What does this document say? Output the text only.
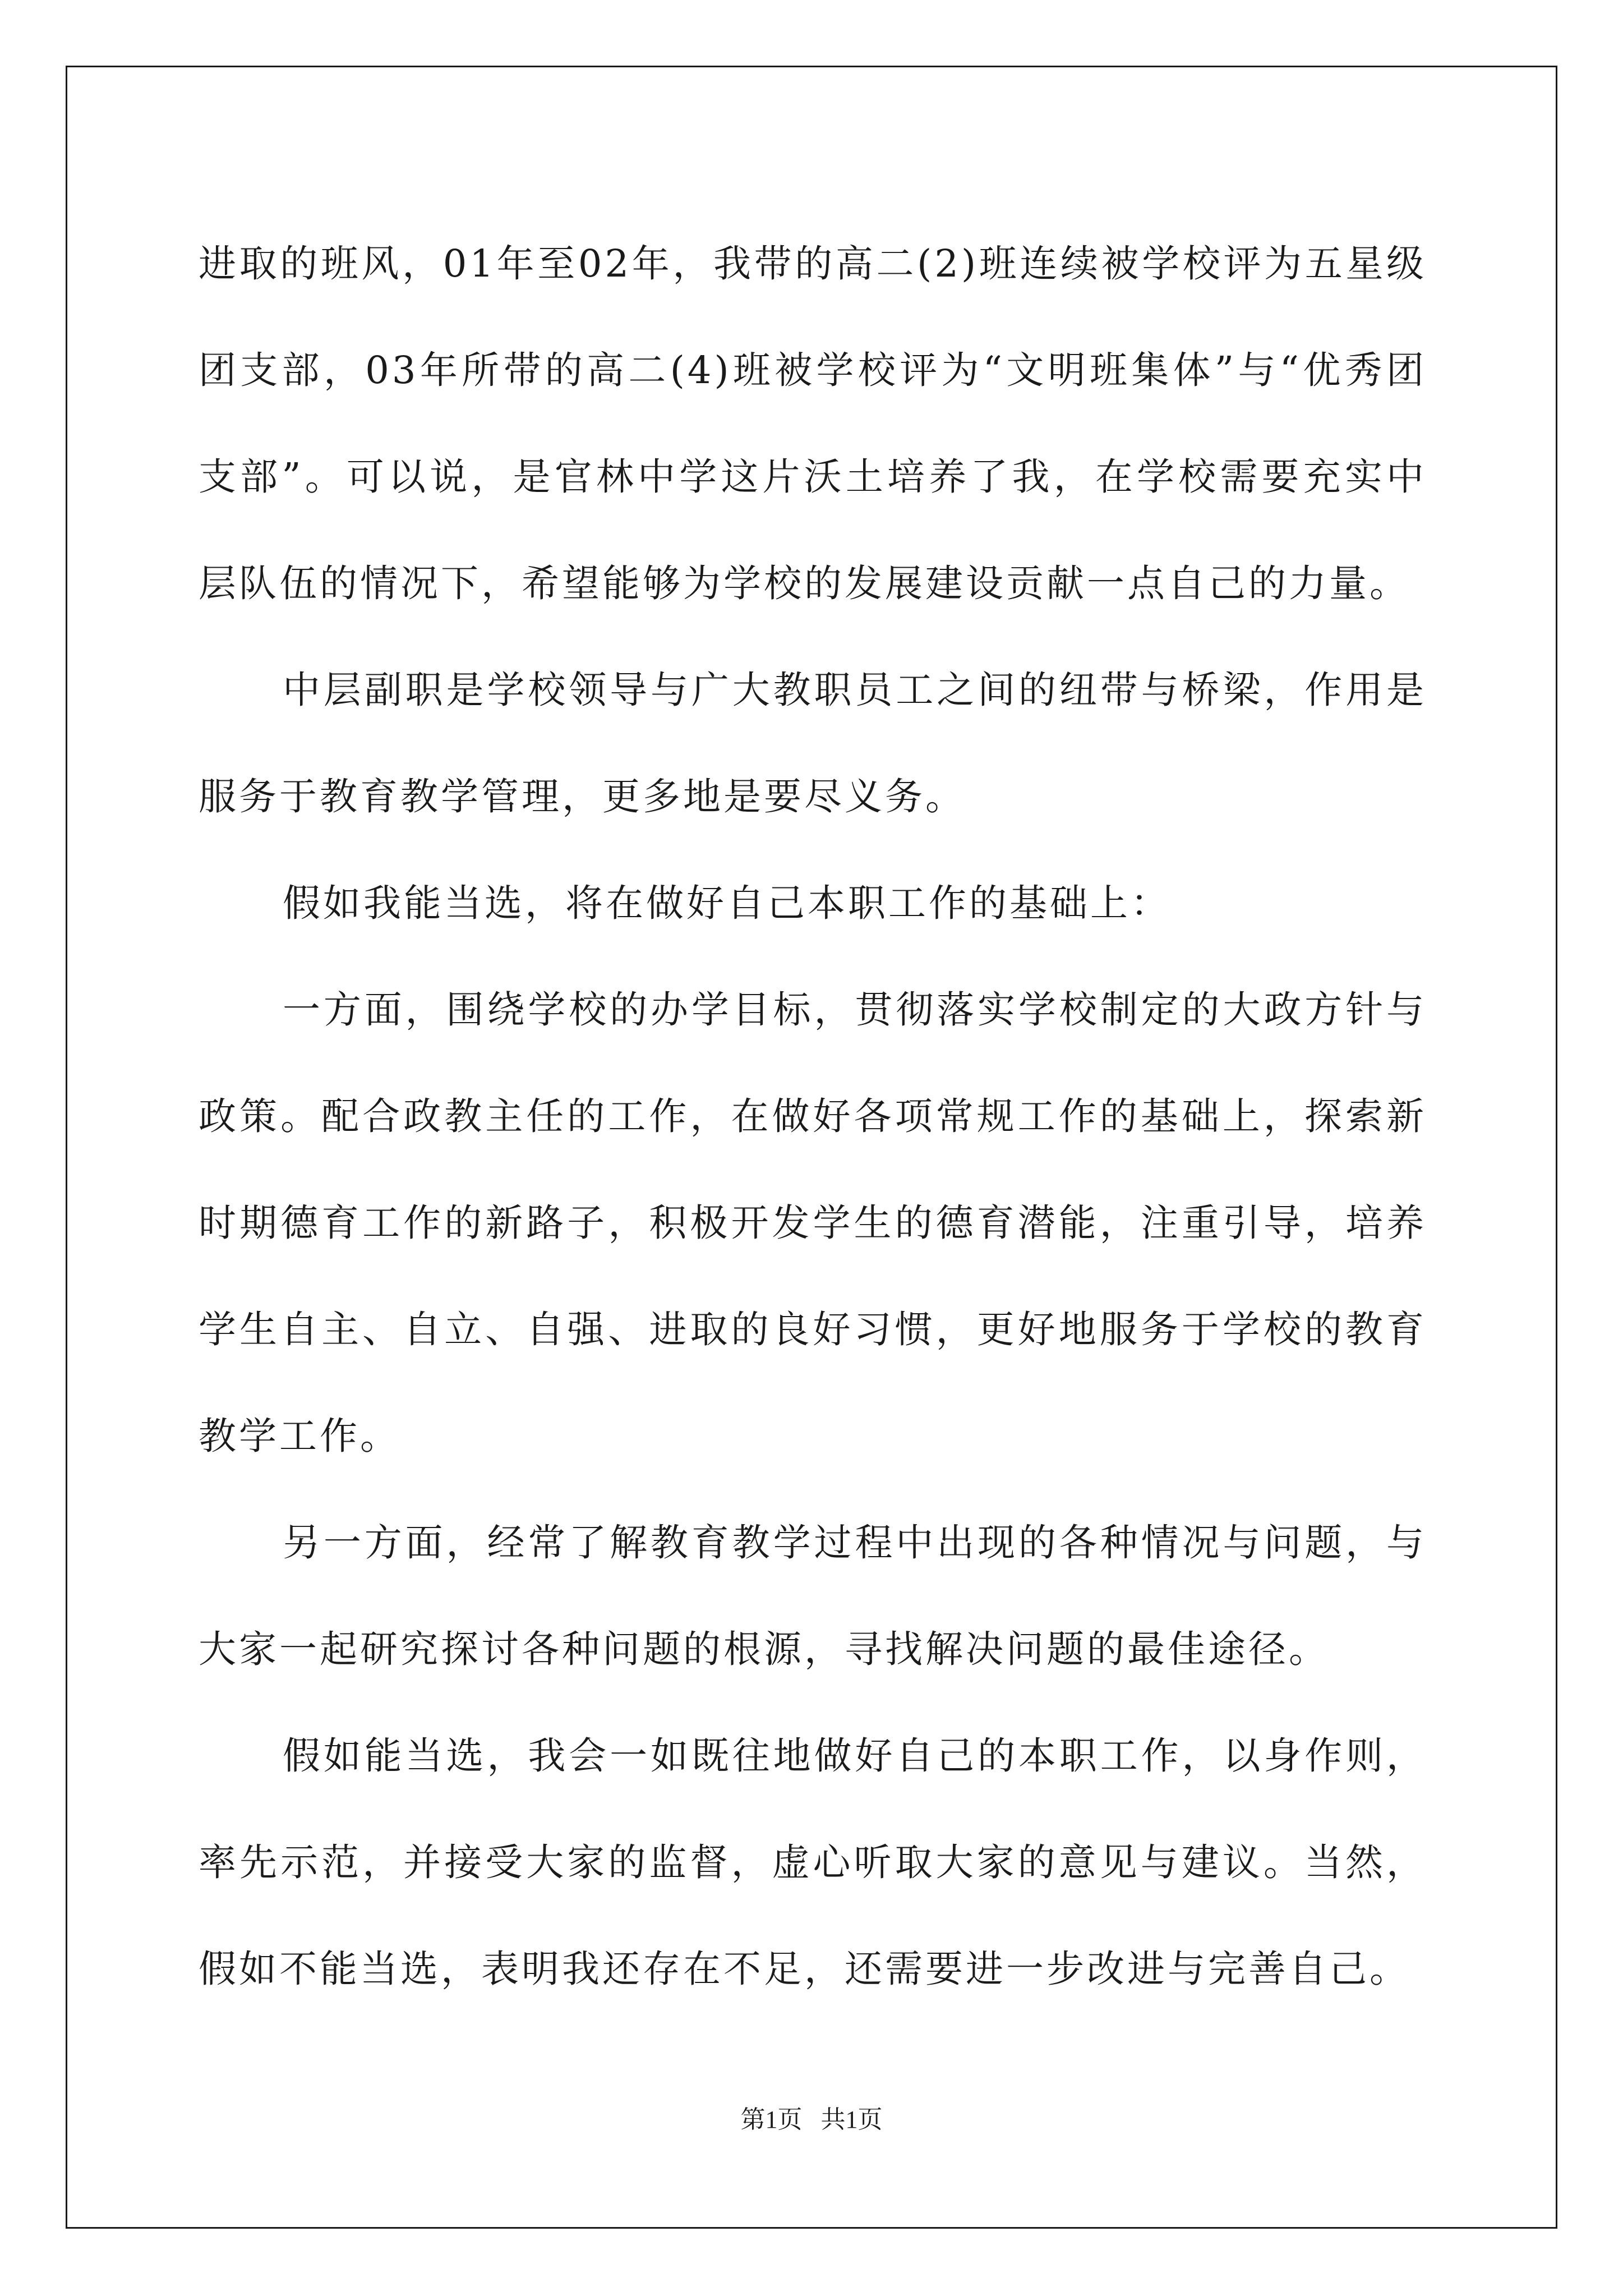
进取的班风，01年至02年，我带的高二(2)班连续被学校评为五星级团支部，03年所带的高二(4)班被学校评为“文明班集体”与“优秀团支部”。可以说，是官林中学这片沃土培养了我，在学校需要充实中层队伍的情况下，希望能够为学校的发展建设贡献一点自己的力量。

中层副职是学校领导与广大教职员工之间的纽带与桥梁，作用是服务于教育教学管理，更多地是要尽义务。

假如我能当选，将在做好自己本职工作的基础上：

一方面，围绕学校的办学目标，贯彻落实学校制定的大政方针与政策。配合政教主任的工作，在做好各项常规工作的基础上，探索新时期德育工作的新路子，积极开发学生的德育潜能，注重引导，培养学生自主、自立、自强、进取的良好习惯，更好地服务于学校的教育教学工作。

另一方面，经常了解教育教学过程中出现的各种情况与问题，与大家一起研究探讨各种问题的根源，寻找解决问题的最佳途径。

假如能当选，我会一如既往地做好自己的本职工作，以身作则，率先示范，并接受大家的监督，虚心听取大家的意见与建议。当然，假如不能当选，表明我还存在不足，还需要进一步改进与完善自己。

第1页   共1页
